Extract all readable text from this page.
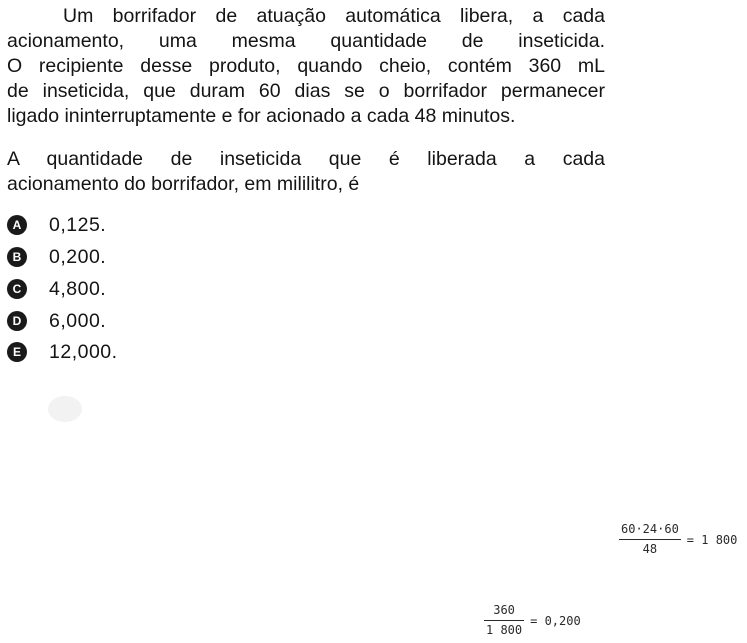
Um borrifador de atuação automática libera, a cada
acionamento, uma mesma quantidade de inseticida.
O recipiente desse produto, quando cheio, contém 360 mL
de inseticida, que duram 60 dias se o borrifador permanecer
ligado ininterruptamente e for acionado a cada 48 minutos.
A quantidade de inseticida que é liberada a cada
acionamento do borrifador, em mililitro, é
A 0,125.
B 0,200.
C 4,800.
D 6,000.
E	12,000.
$\frac{60\cdot 24\cdot 60}{48} = 1$ 800
$\frac{360}{1 800} = 0,200$
